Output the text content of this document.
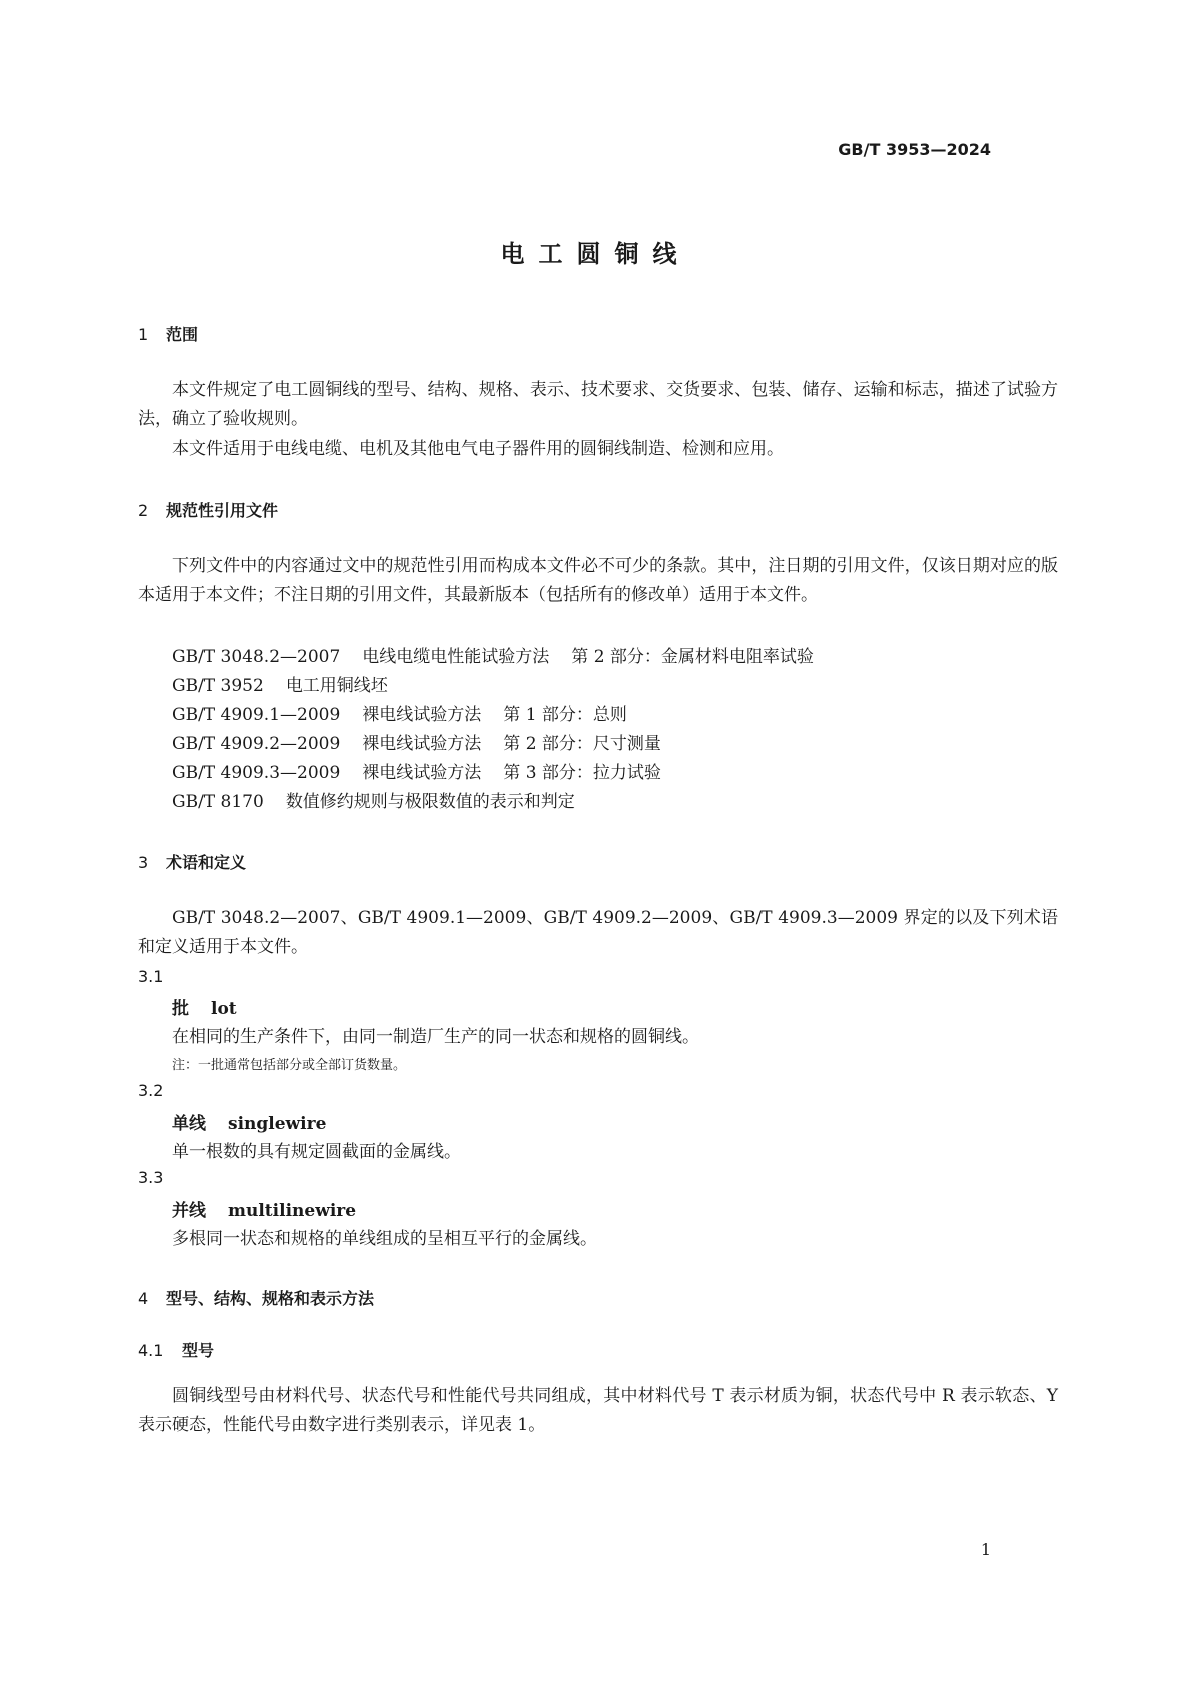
GB/T 3953—2024
电工圆铜线
1 范围
本文件规定了电工圆铜线的型号、结构、规格、表示、技术要求、交货要求、包装、储存、运输和标志，描述了试验方法，确立了验收规则。
本文件适用于电线电缆、电机及其他电气电子器件用的圆铜线制造、检测和应用。
2 规范性引用文件
下列文件中的内容通过文中的规范性引用而构成本文件必不可少的条款。其中，注日期的引用文件，仅该日期对应的版本适用于本文件；不注日期的引用文件，其最新版本（包括所有的修改单）适用于本文件。
GB/T 3048.2—2007 电线电缆电性能试验方法 第 2 部分：金属材料电阻率试验
GB/T 3952 电工用铜线坯
GB/T 4909.1—2009 裸电线试验方法 第 1 部分：总则
GB/T 4909.2—2009 裸电线试验方法 第 2 部分：尺寸测量
GB/T 4909.3—2009 裸电线试验方法 第 3 部分：拉力试验
GB/T 8170 数值修约规则与极限数值的表示和判定
3 术语和定义
GB/T 3048.2—2007、GB/T 4909.1—2009、GB/T 4909.2—2009、GB/T 4909.3—2009 界定的以及下列术语和定义适用于本文件。
3.1
批 lot
在相同的生产条件下，由同一制造厂生产的同一状态和规格的圆铜线。
注：一批通常包括部分或全部订货数量。
3.2
单线 singlewire
单一根数的具有规定圆截面的金属线。
3.3
并线 multilinewire
多根同一状态和规格的单线组成的呈相互平行的金属线。
4 型号、结构、规格和表示方法
4.1 型号
圆铜线型号由材料代号、状态代号和性能代号共同组成，其中材料代号 T 表示材质为铜，状态代号中 R 表示软态、Y 表示硬态，性能代号由数字进行类别表示，详见表 1。
1
